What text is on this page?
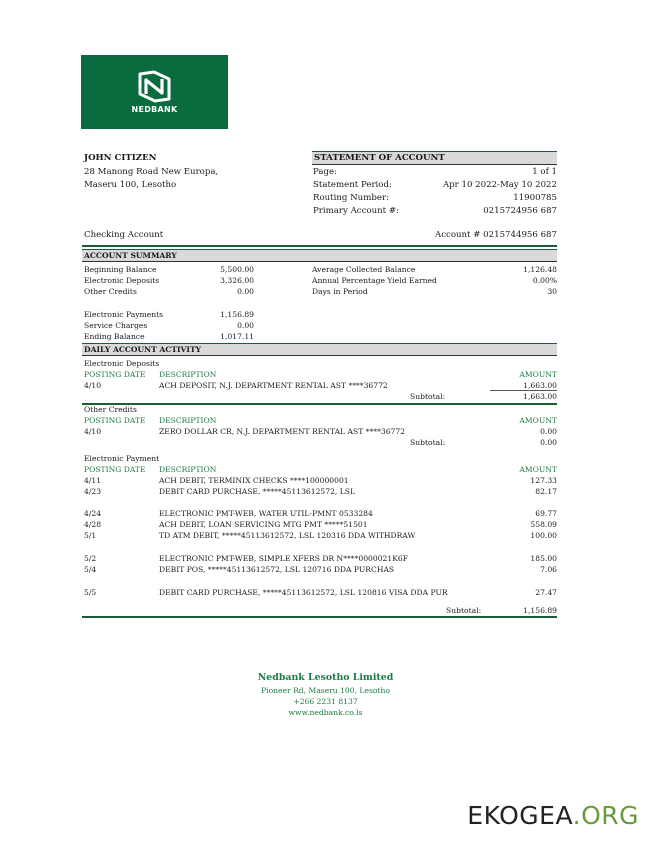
NEDBANK
JOHN CITIZEN
28 Manong Road New Europa,
Maseru 100, Lesotho
STATEMENT OF ACCOUNT
Page:	1 of 1
Statement Period:	Apr 10 2022-May 10 2022
Routing Number:	11900785
Primary Account #:	0215724956 687
Checking Account	Account # 0215744956 687
ACCOUNT SUMMARY
Beginning Balance	5,500.00
Electronic Deposits	3,326.00
Other Credits	0.00
Electronic Payments	1,156.89
Service Charges	0.00
Ending Balance	1,017.11
Average Collected Balance	1,126.48
Annual Percentage Yield Earned	0.00%
Days in Period	30
DAILY ACCOUNT ACTIVITY
Electronic Deposits
POSTING DATE DESCRIPTION	AMOUNT
4/10	ACH DEPOSIT, N.J. DEPARTMENT RENTAL AST ****36772	1,663.00
Subtotal:	1,663.00
Other Credits
POSTING DATE DESCRIPTION	AMOUNT
4/10	ZERO DOLLAR CR, N.J. DEPARTMENT RENTAL AST ****36772	0.00
Subtotal:	0.00
Electronic Payment
POSTING DATE DESCRIPTION	AMOUNT
4/11	ACH DEBIT, TERMINIX CHECKS ****100000001	127.33
4/23	DEBIT CARD PURCHASE, *****45113612572, LSL	82.17
4/24	ELECTRONIC PMT-WEB, WATER UTIL-PMNT 0533284	69.77
4/28	ACH DEBIT, LOAN SERVICING MTG PMT *****51501	558.09
5/1	TD ATM DEBIT, *****45113612572, LSL 120316 DDA WITHDRAW	100.00
5/2	ELECTRONIC PMT-WEB, SIMPLE XFERS DR N****0000021K6F	185.00
5/4	DEBIT POS, *****45113612572, LSL 120716 DDA PURCHAS	7.06
5/5	DEBIT CARD PURCHASE, *****45113612572, LSL 120816 VISA DDA PUR	27.47
Subtotal:	1,156.89
Nedbank Lesotho Limited
Pioneer Rd, Maseru 100, Lesotho
+266 2231 8137
www.nedbank.co.ls
EKOGEA.ORG
